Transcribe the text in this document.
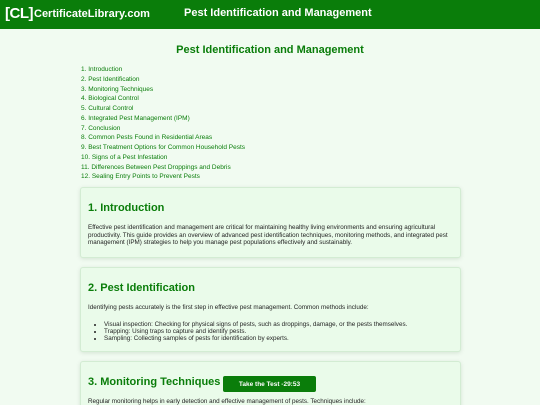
[CL] CertificateLibrary.com	Pest Identification and Management
Pest Identification and Management
1. Introduction
2. Pest Identification
3. Monitoring Techniques
4. Biological Control
5. Cultural Control
6. Integrated Pest Management (IPM)
7. Conclusion
8. Common Pests Found in Residential Areas
9. Best Treatment Options for Common Household Pests
10. Signs of a Pest Infestation
11. Differences Between Pest Droppings and Debris
12. Sealing Entry Points to Prevent Pests
1. Introduction

Effective pest identification and management are critical for maintaining healthy living environments and ensuring agricultural productivity. This guide provides an overview of advanced pest identification techniques, monitoring methods, and integrated pest management (IPM) strategies to help you manage pest populations effectively and sustainably.

2. Pest Identification

Identifying pests accurately is the first step in effective pest management. Common methods include:

• Visual inspection: Checking for physical signs of pests, such as droppings, damage, or the pests themselves.
• Trapping: Using traps to capture and identify pests.
• Sampling: Collecting samples of pests for identification by experts.
3. Monitoring Techniques

Regular monitoring helps in early detection and effective management of pests. Techniques include:

Take the Test -29:53
